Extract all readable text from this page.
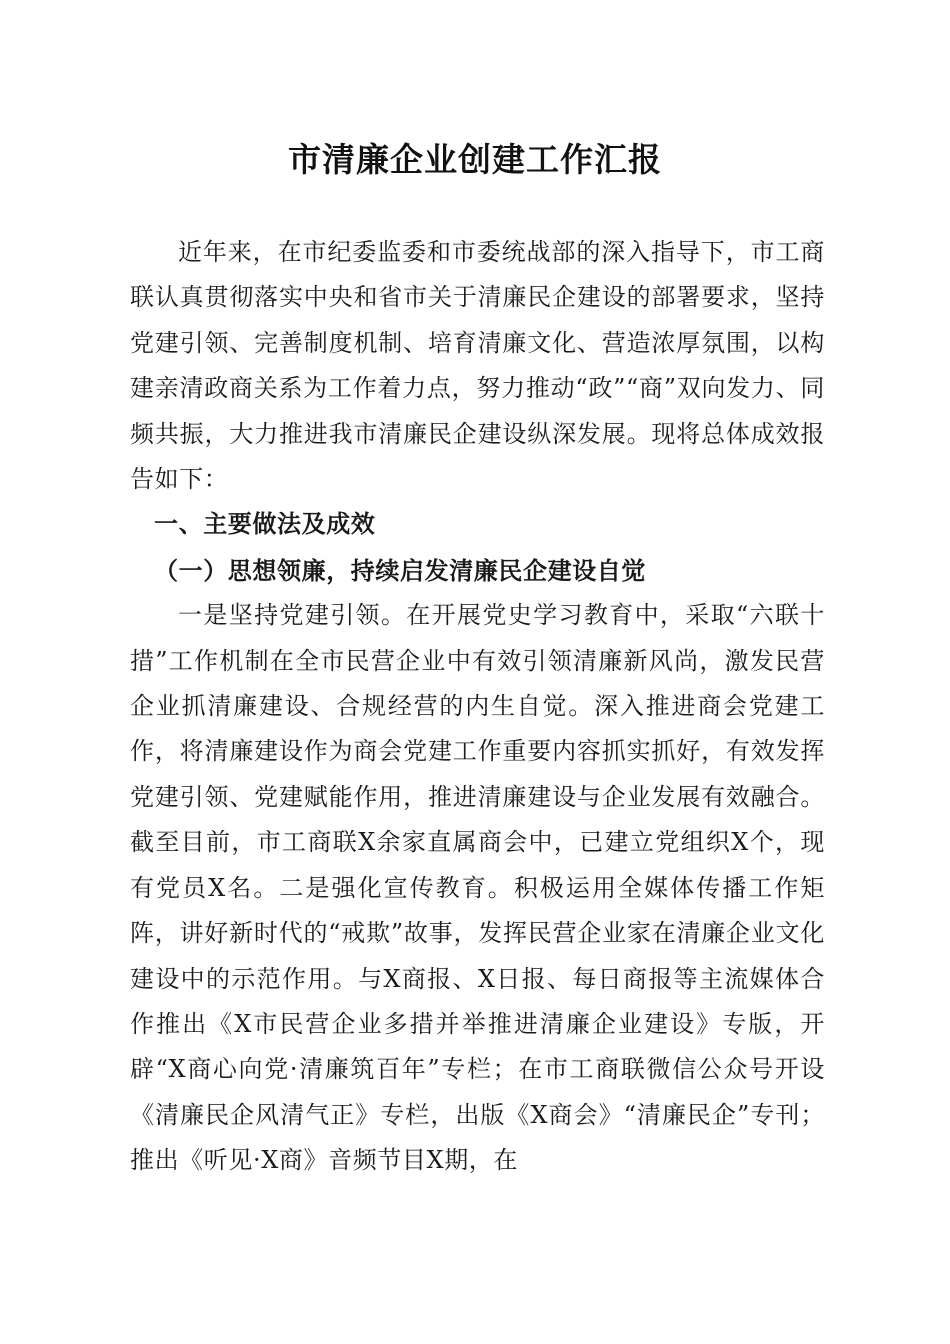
市清廉企业创建工作汇报

近年来，在市纪委监委和市委统战部的深入指导下，市工商联认真贯彻落实中央和省市关于清廉民企建设的部署要求，坚持党建引领、完善制度机制、培育清廉文化、营造浓厚氛围，以构建亲清政商关系为工作着力点，努力推动“政”“商”双向发力、同频共振，大力推进我市清廉民企建设纵深发展。现将总体成效报告如下：

一、主要做法及成效

（一）思想领廉，持续启发清廉民企建设自觉

一是坚持党建引领。在开展党史学习教育中，采取“六联十措”工作机制在全市民营企业中有效引领清廉新风尚，激发民营企业抓清廉建设、合规经营的内生自觉。深入推进商会党建工作，将清廉建设作为商会党建工作重要内容抓实抓好，有效发挥党建引领、党建赋能作用，推进清廉建设与企业发展有效融合。截至目前，市工商联X余家直属商会中，已建立党组织X个，现有党员X名。二是强化宣传教育。积极运用全媒体传播工作矩阵，讲好新时代的“戒欺”故事，发挥民营企业家在清廉企业文化建设中的示范作用。与X商报、X日报、每日商报等主流媒体合作推出《X市民营企业多措并举推进清廉企业建设》专版，开辟“X商心向党·清廉筑百年”专栏；在市工商联微信公众号开设《清廉民企风清气正》专栏，出版《X商会》“清廉民企”专刊；推出《听见·X商》音频节目X期，在
